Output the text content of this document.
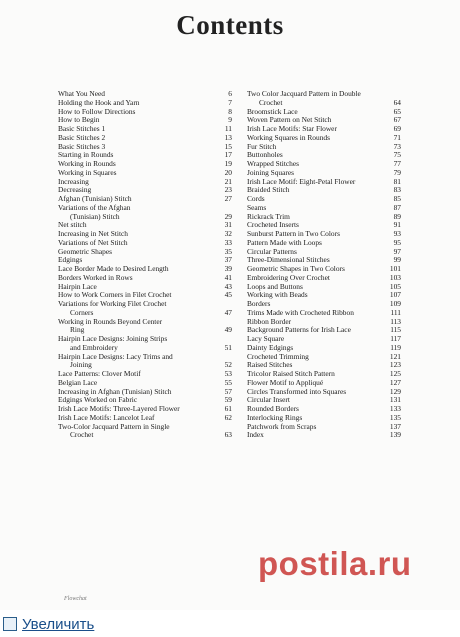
Contents
What You Need	6
Holding the Hook and Yarn	7
How to Follow Directions	8
How to Begin	9
Basic Stitches 1	11
Basic Stitches 2	13
Basic Stitches 3	15
Starting in Rounds	17
Working in Rounds	19
Working in Squares	20
Increasing	21
Decreasing	23
Afghan (Tunisian) Stitch	27
Variations of the Afghan
(Tunisian) Stitch	29
Net stitch	31
Increasing in Net Stitch	32
Variations of Net Stitch	33
Geometric Shapes	35
Edgings	37
Lace Border Made to Desired Length	39
Borders Worked in Rows	41
Hairpin Lace	43
How to Work Corners in Filet Crochet	45
Variations for Working Filet Crochet
Corners	47
Working in Rounds Beyond Center
Ring	49
Hairpin Lace Designs: Joining Strips
and Embroidery	51
Hairpin Lace Designs: Lacy Trims and
Joining	52
Lace Patterns: Clover Motif	53
Belgian Lace	55
Increasing in Afghan (Tunisian) Stitch	57
Edgings Worked on Fabric	59
Irish Lace Motifs: Three-Layered Flower	61
Irish Lace Motifs: Lancelot Leaf	62
Two-Color Jacquard Pattern in Single
Crochet	63
Two Color Jacquard Pattern in Double
Crochet	64
Broomstick Lace	65
Woven Pattern on Net Stitch	67
Irish Lace Motifs: Star Flower	69
Working Squares in Rounds	71
Fur Stitch	73
Buttonholes	75
Wrapped Stitches	77
Joining Squares	79
Irish Lace Motif: Eight-Petal Flower	81
Braided Stitch	83
Cords	85
Seams	87
Rickrack Trim	89
Crocheted Inserts	91
Sunburst Pattern in Two Colors	93
Pattern Made with Loops	95
Circular Patterns	97
Three-Dimensional Stitches	99
Geometric Shapes in Two Colors	101
Embroidering Over Crochet	103
Loops and Buttons	105
Working with Beads	107
Borders	109
Trims Made with Crocheted Ribbon	111
Ribbon Border	113
Background Patterns for Irish Lace	115
Lacy Square	117
Dainty Edgings	119
Crocheted Trimming	121
Raised Stitches	123
Tricolor Raised Stitch Pattern	125
Flower Motif to Appliqué	127
Circles Transformed into Squares	129
Circular Insert	131
Rounded Borders	133
Interlocking Rings	135
Patchwork from Scraps	137
Index	139
Flowchat
postila.ru
Увеличить
